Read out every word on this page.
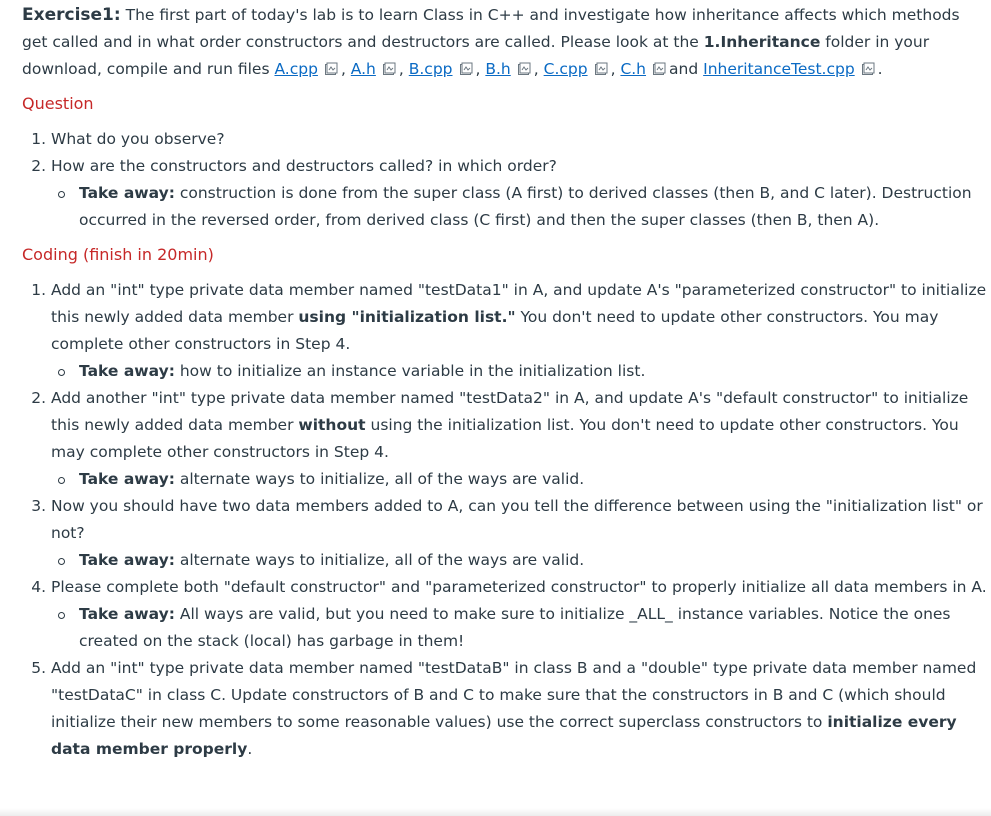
Exercise1: The first part of today's lab is to learn Class in C++ and investigate how inheritance affects which methods get called and in what order constructors and destructors are called. Please look at the 1.Inheritance folder in your download, compile and run files A.cpp , A.h , B.cpp , B.h , C.cpp , C.h and InheritanceTest.cpp .

Question
1. What do you observe?
2. How are the constructors and destructors called? in which order?
Take away: construction is done from the super class (A first) to derived classes (then B, and C later). Destruction occurred in the reversed order, from derived class (C first) and then the super classes (then B, then A).
Coding (finish in 20min)
1. Add an "int" type private data member named "testData1" in A, and update A's "parameterized constructor" to initialize this newly added data member using "initialization list." You don't need to update other constructors. You may complete other constructors in Step 4.
Take away: how to initialize an instance variable in the initialization list.
2. Add another "int" type private data member named "testData2" in A, and update A's "default constructor" to initialize this newly added data member without using the initialization list. You don't need to update other constructors. You may complete other constructors in Step 4.
Take away: alternate ways to initialize, all of the ways are valid.
3. Now you should have two data members added to A, can you tell the difference between using the "initialization list" or not?
Take away: alternate ways to initialize, all of the ways are valid.
4. Please complete both "default constructor" and "parameterized constructor" to properly initialize all data members in A.
Take away: All ways are valid, but you need to make sure to initialize _ALL_ instance variables. Notice the ones created on the stack (local) has garbage in them!
5. Add an "int" type private data member named "testDataB" in class B and a "double" type private data member named "testDataC" in class C. Update constructors of B and C to make sure that the constructors in B and C (which should initialize their new members to some reasonable values) use the correct superclass constructors to initialize every data member properly.
